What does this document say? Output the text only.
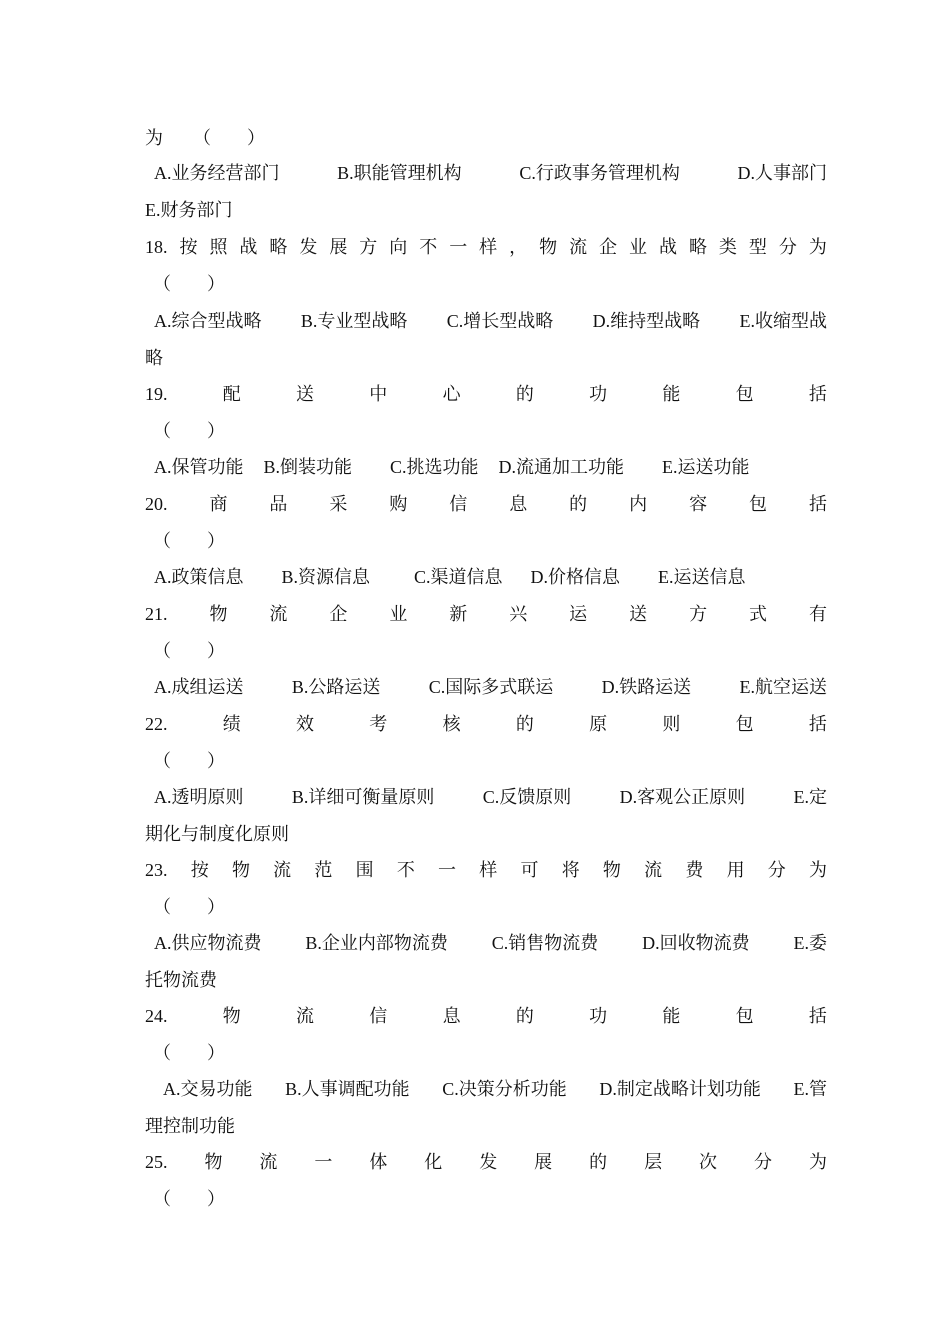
为 （　　）
A.业务经营部门	B.职能管理机构	C.行政事务管理机构	D.人事部门
E.财务部门
18. 按 照 战 略 发 展 方 向 不 一 样 ， 物 流 企 业 战 略 类 型 分 为
（　　）
A.综合型战略 B.专业型战略 C.增长型战略 D.维持型战略 E.收缩型战
略
19.	配	送	中	心	的	功	能	包	括
（　　）
A.保管功能 B.倒装功能 C.挑选功能 D.流通加工功能 E.运送功能
20. 商 品 采 购 信 息 的 内 容 包 括
（　　）
A.政策信息 B.资源信息 C.渠道信息 D.价格信息 E.运送信息
21. 物 流 企 业 新 兴 运 送 方 式 有
（　　）
A.成组运送	B.公路运送	C.国际多式联运	D.铁路运送	E.航空运送
22.	绩	效	考	核	的	原	则	包	括
（　　）
A.透明原则	B.详细可衡量原则	C.反馈原则	D.客观公正原则	E.定
期化与制度化原则
23. 按 物 流 范 围 不 一 样 可 将 物 流 费 用 分 为
（　　）
A.供应物流费 B.企业内部物流费 C.销售物流费 D.回收物流费 E.委
托物流费
24.	物	流	信	息	的	功	能	包	括
（　　）
A.交易功能 B.人事调配功能 C.决策分析功能 D.制定战略计划功能 E.管
理控制功能
25. 物 流 一 体 化 发 展 的 层 次 分 为
（　　）
